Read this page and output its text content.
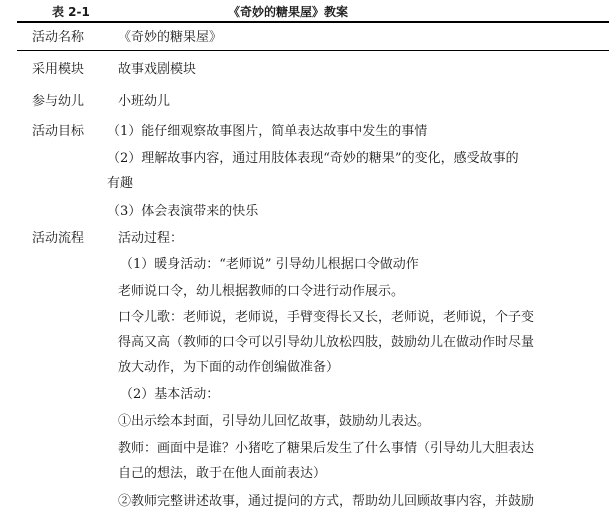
表 2-1	《奇妙的糖果屋》教案
活动名称	《奇妙的糖果屋》
采用模块	故事戏剧模块
参与幼儿	小班幼儿
活动目标 （1）能仔细观察故事图片，简单表达故事中发生的事情
（2）理解故事内容，通过用肢体表现“奇妙的糖果”的变化，感受故事的
有趣
（3）体会表演带来的快乐
活动流程	活动过程：
（1）暖身活动：“老师说” 引导幼儿根据口令做动作
老师说口令，幼儿根据教师的口令进行动作展示。
口令儿歌：老师说，老师说，手臂变得长又长，老师说，老师说，个子变
得高又高（教师的口令可以引导幼儿放松四肢，鼓励幼儿在做动作时尽量
放大动作，为下面的动作创编做准备）
（2）基本活动：
①出示绘本封面，引导幼儿回忆故事，鼓励幼儿表达。
教师：画面中是谁？小猪吃了糖果后发生了什么事情（引导幼儿大胆表达
自己的想法，敢于在他人面前表达）
②教师完整讲述故事，通过提问的方式，帮助幼儿回顾故事内容，并鼓励
